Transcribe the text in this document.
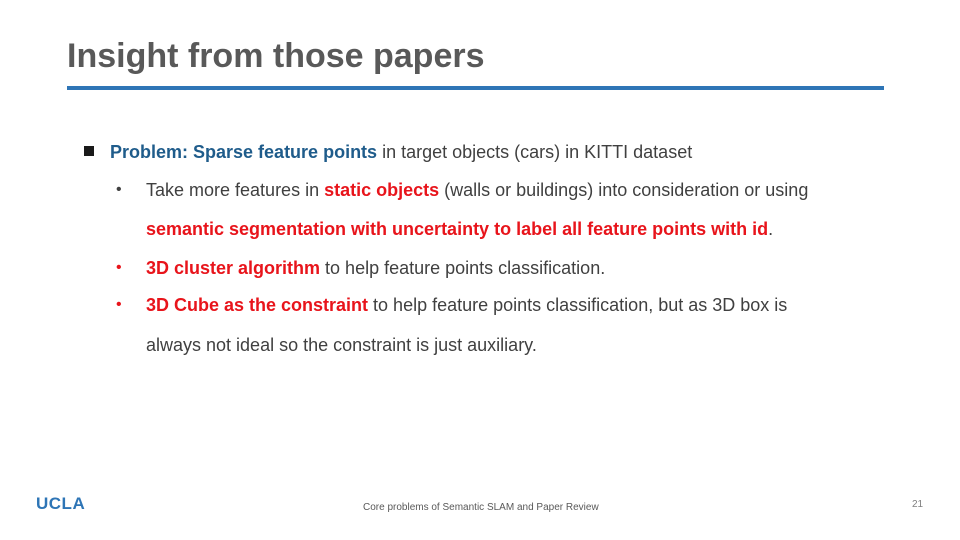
Insight from those papers
Problem: Sparse feature points in target objects (cars) in KITTI dataset
• Take more features in static objects (walls or buildings) into consideration or using
semantic segmentation with uncertainty to label all feature points with id.
• 3D cluster algorithm to help feature points classification.
• 3D Cube as the constraint to help feature points classification, but as 3D box is
always not ideal so the constraint is just auxiliary.
UCLA	Core problems of Semantic SLAM and Paper Review	21
